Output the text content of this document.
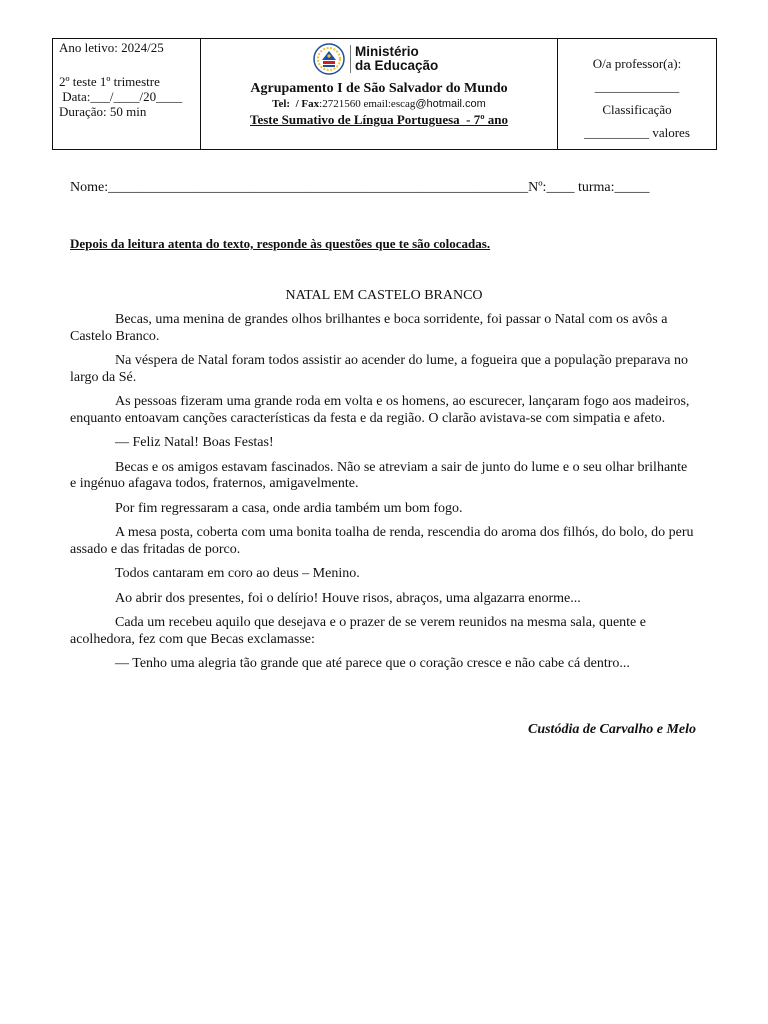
Ano letivo: 2024/25
2º teste 1º trimestre
Data:___/____/20____
Duração: 50 min
Ministério
da Educação
Agrupamento I de São Salvador do Mundo
Tel:  / Fax:2721560 email:escag@hotmail.com
Teste Sumativo de Língua Portuguesa  - 7º ano
O/a professor(a):
_____________
Classificação
__________ valores
Nome:____________________________________________________________Nº:____ turma:_____
Depois da leitura atenta do texto, responde às questões que te são colocadas.
NATAL EM CASTELO BRANCO

Becas, uma menina de grandes olhos brilhantes e boca sorridente, foi passar o Natal com os avôs a Castelo Branco.

Na véspera de Natal foram todos assistir ao acender do lume, a fogueira que a população preparava no largo da Sé.

As pessoas fizeram uma grande roda em volta e os homens, ao escurecer, lançaram fogo aos madeiros, enquanto entoavam canções características da festa e da região. O clarão avistava-se com simpatia e afeto.

— Feliz Natal! Boas Festas!

Becas e os amigos estavam fascinados. Não se atreviam a sair de junto do lume e o seu olhar brilhante e ingénuo afagava todos, fraternos, amigavelmente.

Por fim regressaram a casa, onde ardia também um bom fogo.

A mesa posta, coberta com uma bonita toalha de renda, rescendia do aroma dos filhós, do bolo, do peru assado e das fritadas de porco.

Todos cantaram em coro ao deus – Menino.

Ao abrir dos presentes, foi o delírio! Houve risos, abraços, uma algazarra enorme...

Cada um recebeu aquilo que desejava e o prazer de se verem reunidos na mesma sala, quente e acolhedora, fez com que Becas exclamasse:

— Tenho uma alegria tão grande que até parece que o coração cresce e não cabe cá dentro...

Custódia de Carvalho e Melo
